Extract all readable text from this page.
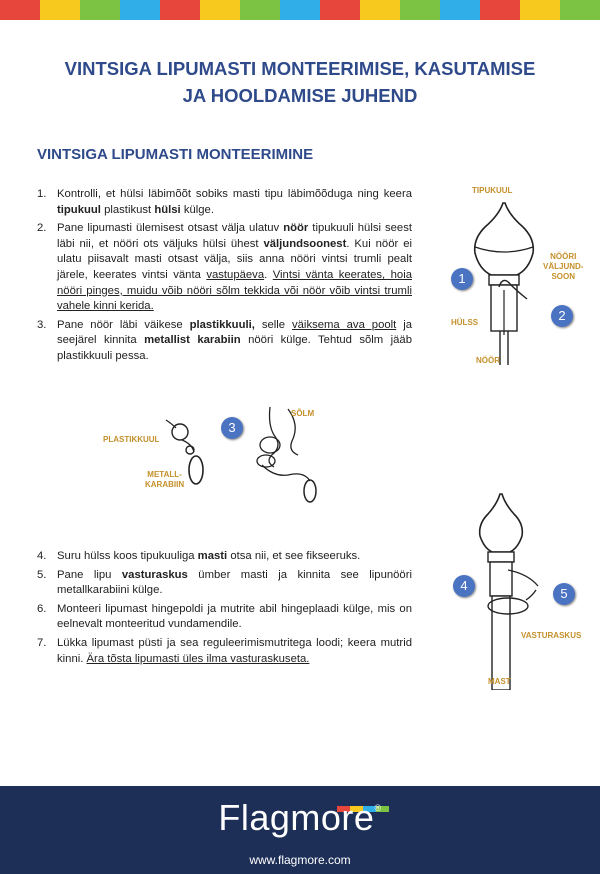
VINTSIGA LIPUMASTI MONTEERIMISE, KASUTAMISE
JA HOOLDAMISE JUHEND
VINTSIGA LIPUMASTI MONTEERIMINE
1. Kontrolli, et hülsi läbimõõt sobiks masti tipu läbimõõduga ning keera tipukuul plastikust hülsi külge.
2. Pane lipumasti ülemisest otsast välja ulatuv nöör tipukuuli hülsi seest läbi nii, et nööri ots väljuks hülsi ühest väljundsoonest. Kui nöör ei ulatu piisavalt masti otsast välja, siis anna nööri vintsi trumli pealt järele, keerates vintsi vänta vastupäeva. Vintsi vänta keerates, hoia nööri pinges, muidu võib nööri sõlm tekkida või nöör võib vintsi trumli vahele kinni kerida.
3. Pane nöör läbi väikese plastikkuuli, selle väiksema ava poolt ja seejärel kinnita metallist karabiin nööri külge. Tehtud sõlm jääb plastikkuuli pessa.
4. Suru hülss koos tipukuuliga masti otsa nii, et see fikseeruks.
5. Pane lipu vasturaskus ümber masti ja kinnita see lipunööri metallkarabiini külge.
6. Monteeri lipumast hingepoldi ja mutrite abil hingeplaadi külge, mis on eelnevalt monteeritud vundamendile.
7. Lükka lipumast püsti ja sea reguleerimismutritega loodi; keera mutrid kinni. Ära tõsta lipumasti üles ilma vasturaskuseta.
TIPUKUUL
NÖÖRI
VÄLJUND-
SOON
HÜLSS
NÖÖR
PLASTIKKUUL
METALL-
KARABIIN
SÕLM
VASTURASKUS
MAST
1
2
3
4
5
Flagmore®
www.flagmore.com
